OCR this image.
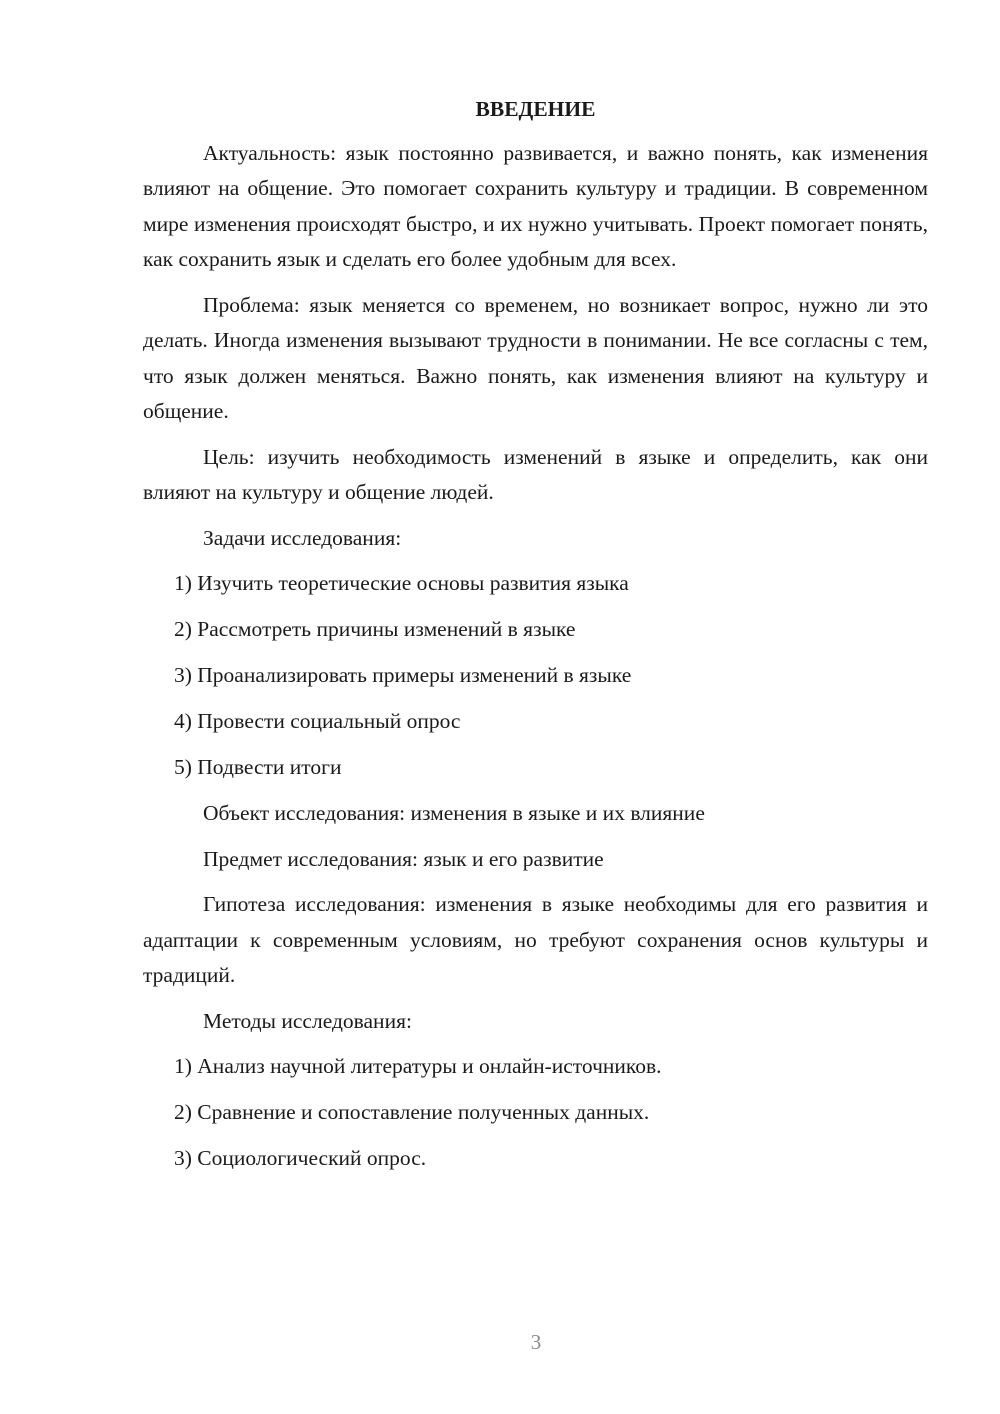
ВВЕДЕНИЕ

Актуальность: язык постоянно развивается, и важно понять, как изменения влияют на общение. Это помогает сохранить культуру и традиции. В современном мире изменения происходят быстро, и их нужно учитывать. Проект помогает понять, как сохранить язык и сделать его более удобным для всех.

Проблема: язык меняется со временем, но возникает вопрос, нужно ли это делать. Иногда изменения вызывают трудности в понимании. Не все согласны с тем, что язык должен меняться. Важно понять, как изменения влияют на культуру и общение.

Цель: изучить необходимость изменений в языке и определить, как они влияют на культуру и общение людей.

Задачи исследования:

1) Изучить теоретические основы развития языка
2) Рассмотреть причины изменений в языке
3) Проанализировать примеры изменений в языке
4) Провести социальный опрос
5) Подвести итоги

Объект исследования: изменения в языке и их влияние

Предмет исследования: язык и его развитие

Гипотеза исследования: изменения в языке необходимы для его развития и адаптации к современным условиям, но требуют сохранения основ культуры и традиций.

Методы исследования:

1) Анализ научной литературы и онлайн-источников.
2) Сравнение и сопоставление полученных данных.
3) Социологический опрос.
3
